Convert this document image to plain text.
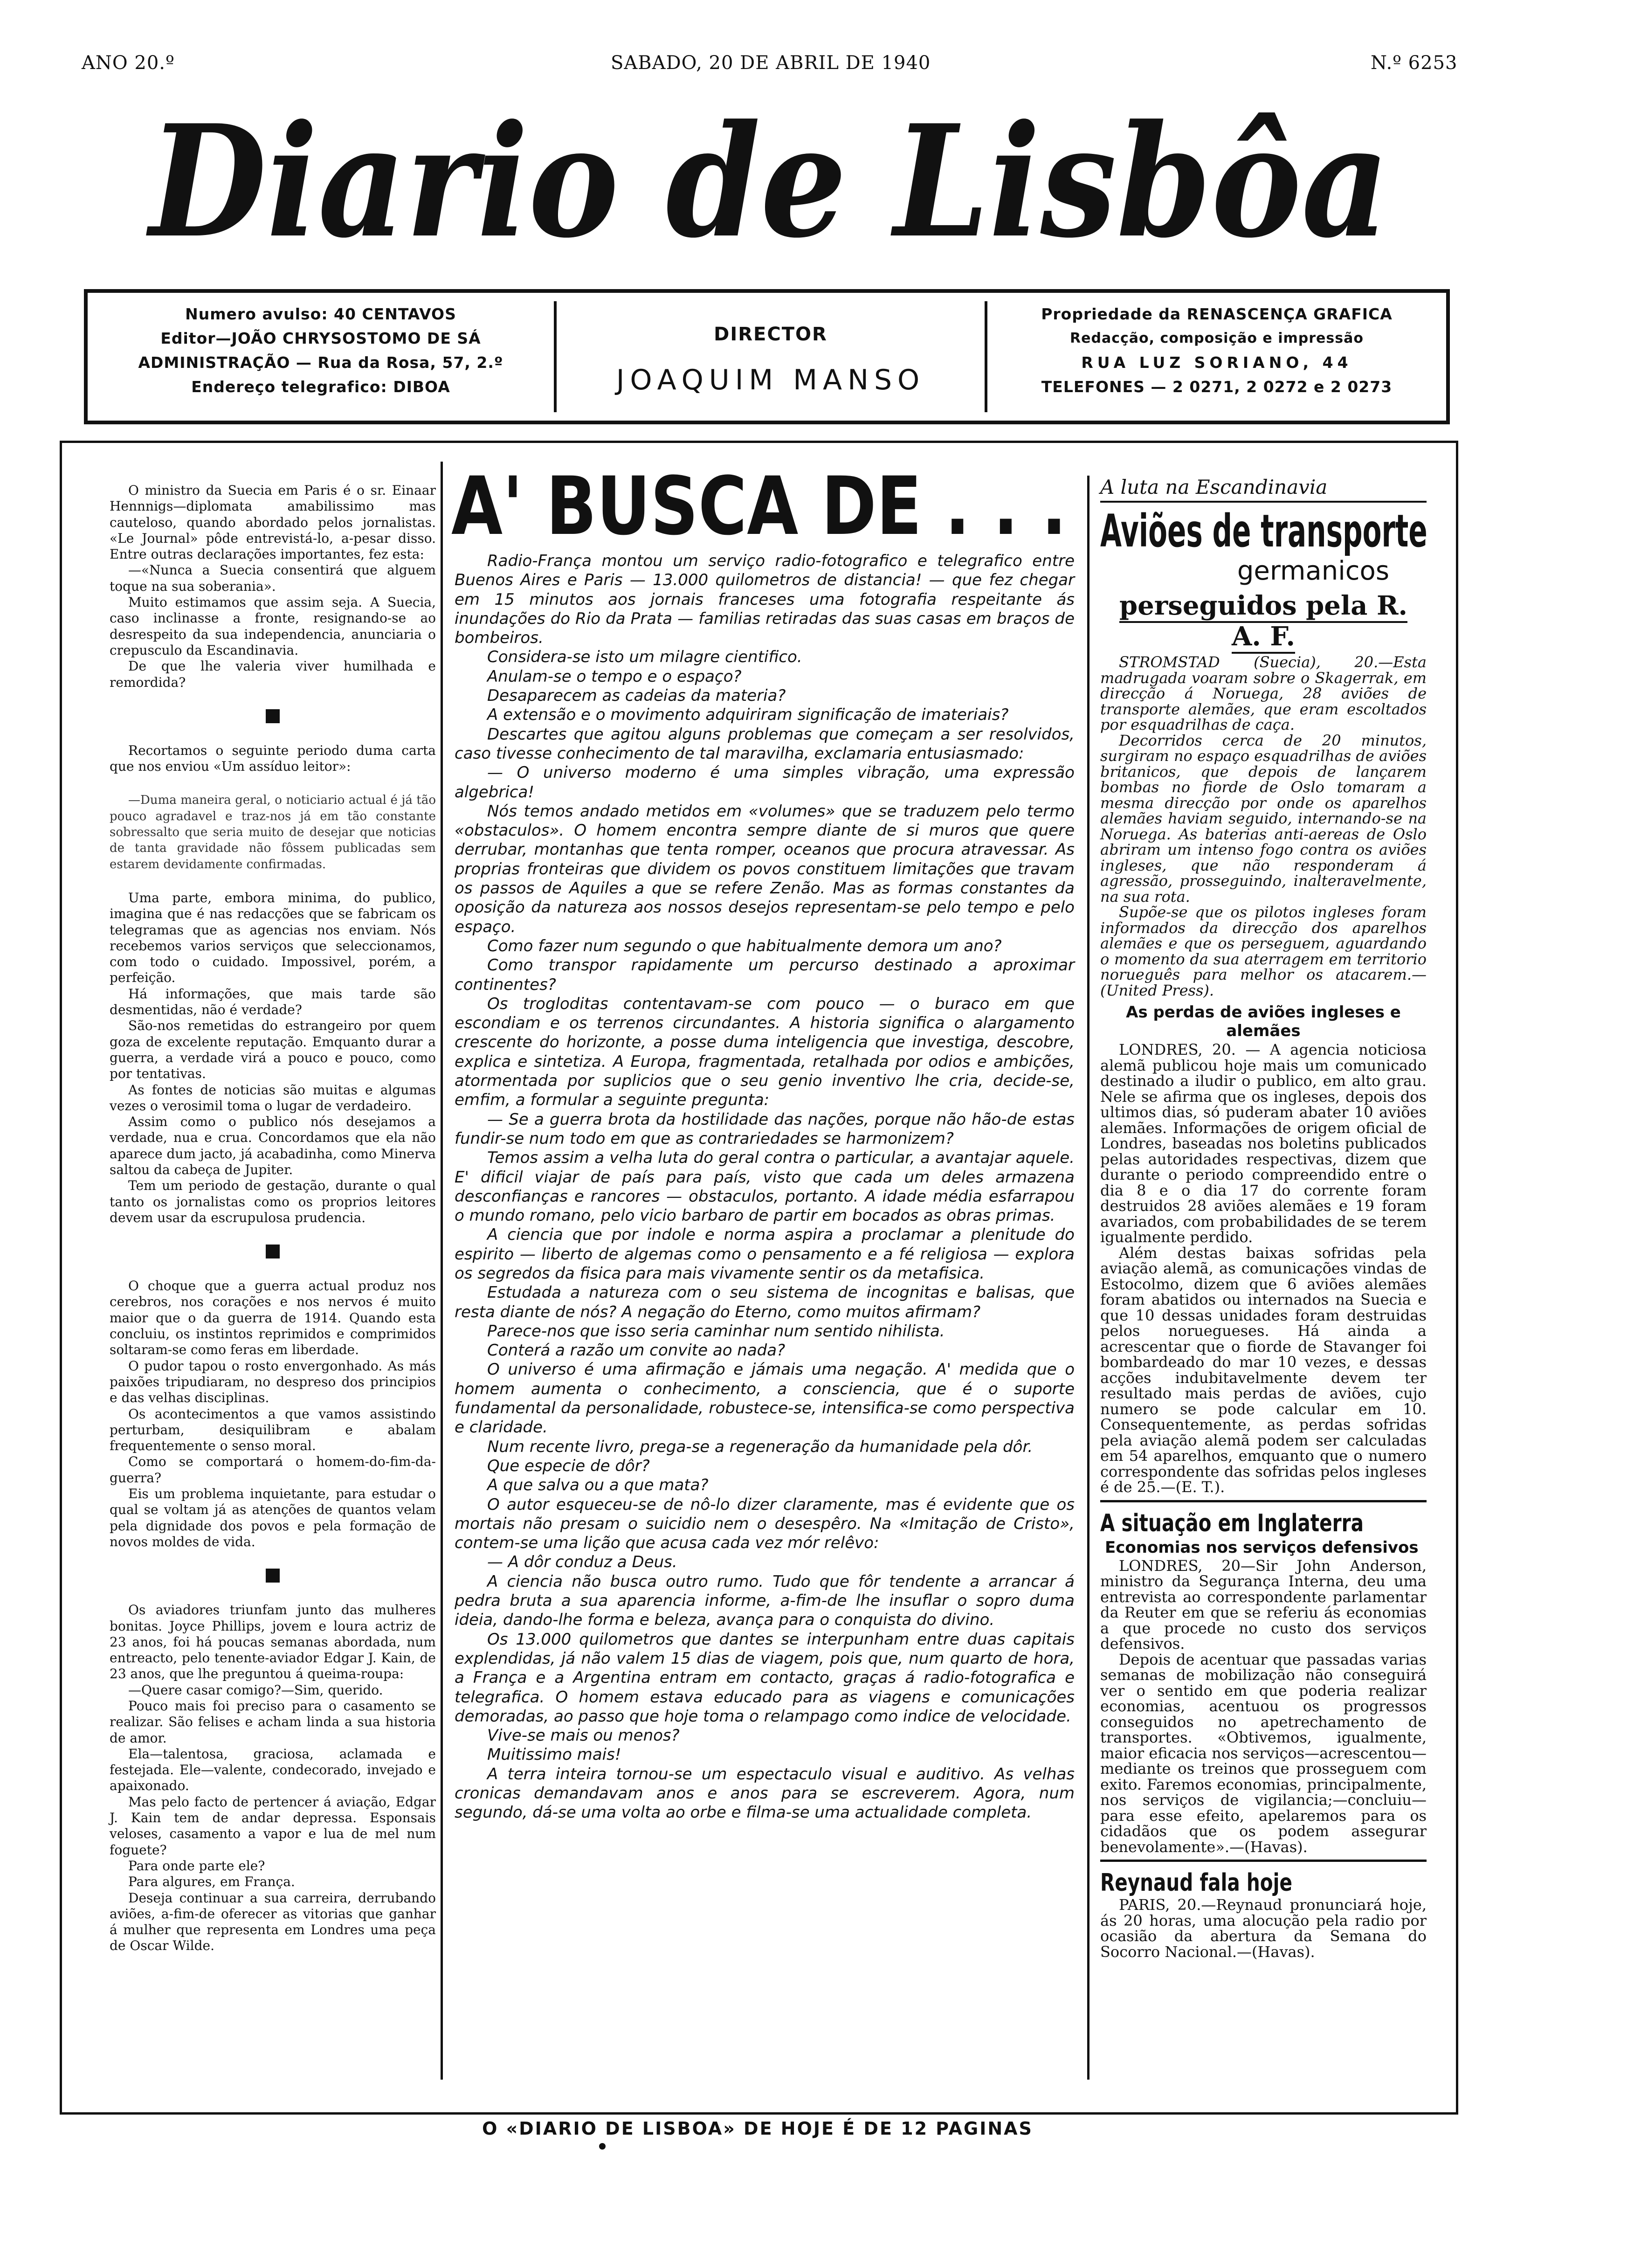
ANO 20.º	SABADO, 20 DE ABRIL DE 1940	N.º 6253
Diario de Lisbôa
Numero avulso: 40 CENTAVOS
Editor—JOÃO CHRYSOSTOMO DE SÁ
ADMINISTRAÇÃO — Rua da Rosa, 57, 2.º
Endereço telegrafico: DIBOA
DIRECTOR
JOAQUIM MANSO
Propriedade da RENASCENÇA GRAFICA
Redacção, composição e impressão
RUA LUZ SORIANO, 44
TELEFONES — 2 0271, 2 0272 e 2 0273

O ministro da Suecia em Paris é o sr. Einaar Hennnigs—diplomata amabilissimo mas cauteloso, quando abordado pelos jornalistas. «Le Journal» pôde entrevistá-lo, a-pesar disso. Entre outras declarações importantes, fez esta:

—«Nunca a Suecia consentirá que alguem toque na sua soberania».

Muito estimamos que assim seja. A Suecia, caso inclinasse a fronte, resignando-se ao desrespeito da sua independencia, anunciaria o crepusculo da Escandinavia.

De que lhe valeria viver humilhada e remordida?

Recortamos o seguinte periodo duma carta que nos enviou «Um assíduo leitor»:

—Duma maneira geral, o noticiario actual é já tão pouco agradavel e traz-nos já em tão constante sobressalto que seria muito de desejar que noticias de tanta gravidade não fôssem publicadas sem estarem devidamente confirmadas.

Uma parte, embora minima, do publico, imagina que é nas redacções que se fabricam os telegramas que as agencias nos enviam. Nós recebemos varios serviços que seleccionamos, com todo o cuidado. Impossivel, porém, a perfeição.

Há informações, que mais tarde são desmentidas, não é verdade?

São-nos remetidas do estrangeiro por quem goza de excelente reputação. Emquanto durar a guerra, a verdade virá a pouco e pouco, como por tentativas.

As fontes de noticias são muitas e algumas vezes o verosimil toma o lugar de verdadeiro.

Assim como o publico nós desejamos a verdade, nua e crua. Concordamos que ela não aparece dum jacto, já acabadinha, como Minerva saltou da cabeça de Jupiter.

Tem um periodo de gestação, durante o qual tanto os jornalistas como os proprios leitores devem usar da escrupulosa prudencia.

O choque que a guerra actual produz nos cerebros, nos corações e nos nervos é muito maior que o da guerra de 1914. Quando esta concluiu, os instintos reprimidos e comprimidos soltaram-se como feras em liberdade.

O pudor tapou o rosto envergonhado. As más paixões tripudiaram, no despreso dos principios e das velhas disciplinas.

Os acontecimentos a que vamos assistindo perturbam, desiquilibram e abalam frequentemente o senso moral.

Como se comportará o homem-do-fim-da-guerra?

Eis um problema inquietante, para estudar o qual se voltam já as atenções de quantos velam pela dignidade dos povos e pela formação de novos moldes de vida.

Os aviadores triunfam junto das mulheres bonitas. Joyce Phillips, jovem e loura actriz de 23 anos, foi há poucas semanas abordada, num entreacto, pelo tenente-aviador Edgar J. Kain, de 23 anos, que lhe preguntou á queima-roupa:

—Quere casar comigo?—Sim, querido.

Pouco mais foi preciso para o casamento se realizar. São felises e acham linda a sua historia de amor.

Ela—talentosa, graciosa, aclamada e festejada. Ele—valente, condecorado, invejado e apaixonado.

Mas pelo facto de pertencer á aviação, Edgar J. Kain tem de andar depressa. Esponsais veloses, casamento a vapor e lua de mel num foguete?

Para onde parte ele?

Para algures, em França.

Deseja continuar a sua carreira, derrubando aviões, a-fim-de oferecer as vitorias que ganhar á mulher que representa em Londres uma peça de Oscar Wilde.

A' BUSCA DE . . .

Radio-França montou um serviço radio-fotografico e telegrafico entre Buenos Aires e Paris — 13.000 quilometros de distancia! — que fez chegar em 15 minutos aos jornais franceses uma fotografia respeitante ás inundações do Rio da Prata — familias retiradas das suas casas em braços de bombeiros.

Considera-se isto um milagre cientifico.

Anulam-se o tempo e o espaço?

Desaparecem as cadeias da materia?

A extensão e o movimento adquiriram significação de imateriais?

Descartes que agitou alguns problemas que começam a ser resolvidos, caso tivesse conhecimento de tal maravilha, exclamaria entusiasmado:

— O universo moderno é uma simples vibração, uma expressão algebrica!

Nós temos andado metidos em «volumes» que se traduzem pelo termo «obstaculos». O homem encontra sempre diante de si muros que quere derrubar, montanhas que tenta romper, oceanos que procura atravessar. As proprias fronteiras que dividem os povos constituem limitações que travam os passos de Aquiles a que se refere Zenão. Mas as formas constantes da oposição da natureza aos nossos desejos representam-se pelo tempo e pelo espaço.

Como fazer num segundo o que habitualmente demora um ano?

Como transpor rapidamente um percurso destinado a aproximar continentes?

Os trogloditas contentavam-se com pouco — o buraco em que escondiam e os terrenos circundantes. A historia significa o alargamento crescente do horizonte, a posse duma inteligencia que investiga, descobre, explica e sintetiza. A Europa, fragmentada, retalhada por odios e ambições, atormentada por suplicios que o seu genio inventivo lhe cria, decide-se, emfim, a formular a seguinte pregunta:

— Se a guerra brota da hostilidade das nações, porque não hão-de estas fundir-se num todo em que as contrariedades se harmonizem?

Temos assim a velha luta do geral contra o particular, a avantajar aquele. E' dificil viajar de país para país, visto que cada um deles armazena desconfianças e rancores — obstaculos, portanto. A idade média esfarrapou o mundo romano, pelo vicio barbaro de partir em bocados as obras primas.

A ciencia que por indole e norma aspira a proclamar a plenitude do espirito — liberto de algemas como o pensamento e a fé religiosa — explora os segredos da fisica para mais vivamente sentir os da metafisica.

Estudada a natureza com o seu sistema de incognitas e balisas, que resta diante de nós? A negação do Eterno, como muitos afirmam?

Parece-nos que isso seria caminhar num sentido nihilista.

Conterá a razão um convite ao nada?

O universo é uma afirmação e jámais uma negação. A' medida que o homem aumenta o conhecimento, a consciencia, que é o suporte fundamental da personalidade, robustece-se, intensifica-se como perspectiva e claridade.

Num recente livro, prega-se a regeneração da humanidade pela dôr.

Que especie de dôr?

A que salva ou a que mata?

O autor esqueceu-se de nô-lo dizer claramente, mas é evidente que os mortais não presam o suicidio nem o desespêro. Na «Imitação de Cristo», contem-se uma lição que acusa cada vez mór relêvo:

— A dôr conduz a Deus.

A ciencia não busca outro rumo. Tudo que fôr tendente a arrancar á pedra bruta a sua aparencia informe, a-fim-de lhe insuflar o sopro duma ideia, dando-lhe forma e beleza, avança para o conquista do divino.

Os 13.000 quilometros que dantes se interpunham entre duas capitais explendidas, já não valem 15 dias de viagem, pois que, num quarto de hora, a França e a Argentina entram em contacto, graças á radio-fotografica e telegrafica. O homem estava educado para as viagens e comunicações demoradas, ao passo que hoje toma o relampago como indice de velocidade.

Vive-se mais ou menos?

Muitissimo mais!

A terra inteira tornou-se um espectaculo visual e auditivo. As velhas cronicas demandavam anos e anos para se escreverem. Agora, num segundo, dá-se uma volta ao orbe e filma-se uma actualidade completa.

A luta na Escandinavia
Aviões de transporte
germanicos
perseguidos pela R. A. F.

STROMSTAD (Suecia), 20.—Esta madrugada voaram sobre o Skagerrak, em direcção á Noruega, 28 aviões de transporte alemães, que eram escoltados por esquadrilhas de caça.

Decorridos cerca de 20 minutos, surgiram no espaço esquadrilhas de aviões britanicos, que depois de lançarem bombas no fiorde de Oslo tomaram a mesma direcção por onde os aparelhos alemães haviam seguido, internando-se na Noruega. As baterias anti-aereas de Oslo abriram um intenso fogo contra os aviões ingleses, que não responderam á agressão, prosseguindo, inalteravelmente, na sua rota.

Supõe-se que os pilotos ingleses foram informados da direcção dos aparelhos alemães e que os perseguem, aguardando o momento da sua aterragem em territorio norueguês para melhor os atacarem.—(United Press).

As perdas de aviões ingleses e alemães

LONDRES, 20. — A agencia noticiosa alemã publicou hoje mais um comunicado destinado a iludir o publico, em alto grau. Nele se afirma que os ingleses, depois dos ultimos dias, só puderam abater 10 aviões alemães. Informações de origem oficial de Londres, baseadas nos boletins publicados pelas autoridades respectivas, dizem que durante o periodo compreendido entre o dia 8 e o dia 17 do corrente foram destruidos 28 aviões alemães e 19 foram avariados, com probabilidades de se terem igualmente perdido.

Além destas baixas sofridas pela aviação alemã, as comunicações vindas de Estocolmo, dizem que 6 aviões alemães foram abatidos ou internados na Suecia e que 10 dessas unidades foram destruidas pelos noruegueses. Há ainda a acrescentar que o fiorde de Stavanger foi bombardeado do mar 10 vezes, e dessas acções indubitavelmente devem ter resultado mais perdas de aviões, cujo numero se pode calcular em 10. Consequentemente, as perdas sofridas pela aviação alemã podem ser calculadas em 54 aparelhos, emquanto que o numero correspondente das sofridas pelos ingleses é de 25.—(E. T.).

A situação em Inglaterra
Economias nos serviços defensivos

LONDRES, 20—Sir John Anderson, ministro da Segurança Interna, deu uma entrevista ao correspondente parlamentar da Reuter em que se referiu ás economias a que procede no custo dos serviços defensivos.

Depois de acentuar que passadas varias semanas de mobilização não conseguirá ver o sentido em que poderia realizar economias, acentuou os progressos conseguidos no apetrechamento de transportes. «Obtivemos, igualmente, maior eficacia nos serviços—acrescentou—mediante os treinos que prosseguem com exito. Faremos economias, principalmente, nos serviços de vigilancia;—concluiu—para esse efeito, apelaremos para os cidadãos que os podem assegurar benevolamente».—(Havas).

Reynaud fala hoje

PARIS, 20.—Reynaud pronunciará hoje, ás 20 horas, uma alocução pela radio por ocasião da abertura da Semana do Socorro Nacional.—(Havas).

O «DIARIO DE LISBOA» DE HOJE É DE 12 PAGINAS
